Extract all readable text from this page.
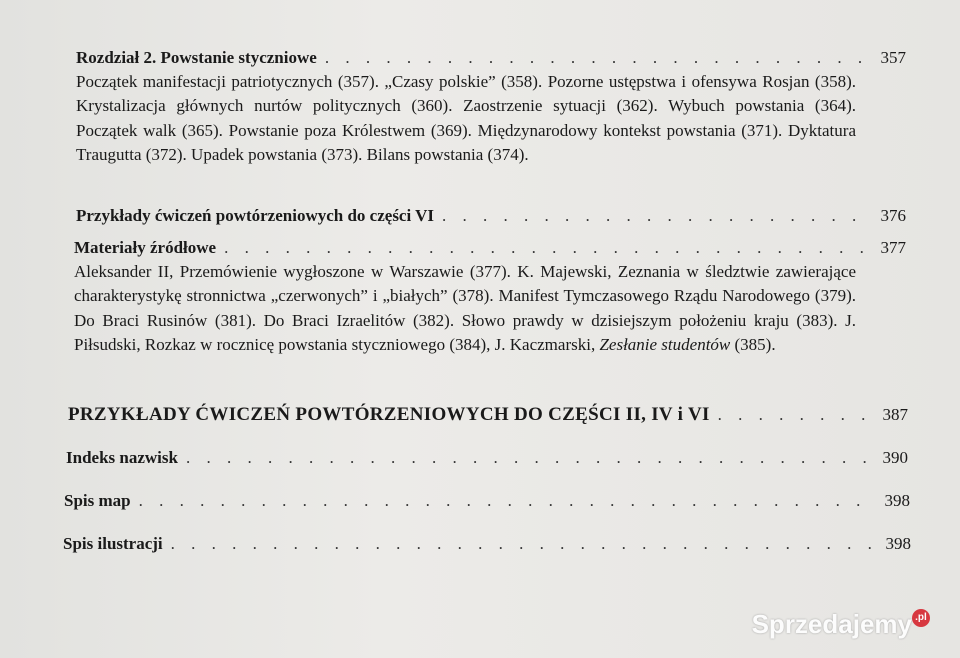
Rozdział 2. Powstanie styczniowe . . .	357
Początek manifestacji patriotycznych (357). „Czasy polskie” (358). Pozorne ustępstwa i ofensywa Rosjan (358). Krystalizacja głównych nurtów politycznych (360). Zaostrzenie sytuacji (362). Wybuch powstania (364). Początek walk (365). Powstanie poza Królestwem (369). Międzynarodowy kontekst powstania (371). Dyktatura Traugutta (372). Upadek powstania (373). Bilans powstania (374).
Przykłady ćwiczeń powtórzeniowych do części VI . . .	376
Materiały źródłowe . . .	377
Aleksander II, Przemówienie wygłoszone w Warszawie (377). K. Majewski, Zeznania w śledztwie zawierające charakterystykę stronnictwa „czerwonych” i „białych” (378). Manifest Tymczasowego Rządu Narodowego (379). Do Braci Rusinów (381). Do Braci Izraelitów (382). Słowo prawdy w dzisiejszym położeniu kraju (383). J. Piłsudski, Rozkaz w rocznicę powstania styczniowego (384), J. Kaczmarski, Zesłanie studentów (385).
PRZYKŁADY ĆWICZEŃ POWTÓRZENIOWYCH DO CZĘŚCI II, IV i VI . . .	387
Indeks nazwisk . . .	390
Spis map . . .	398
Spis ilustracji . . .	398
Sprzedajemy .pl
